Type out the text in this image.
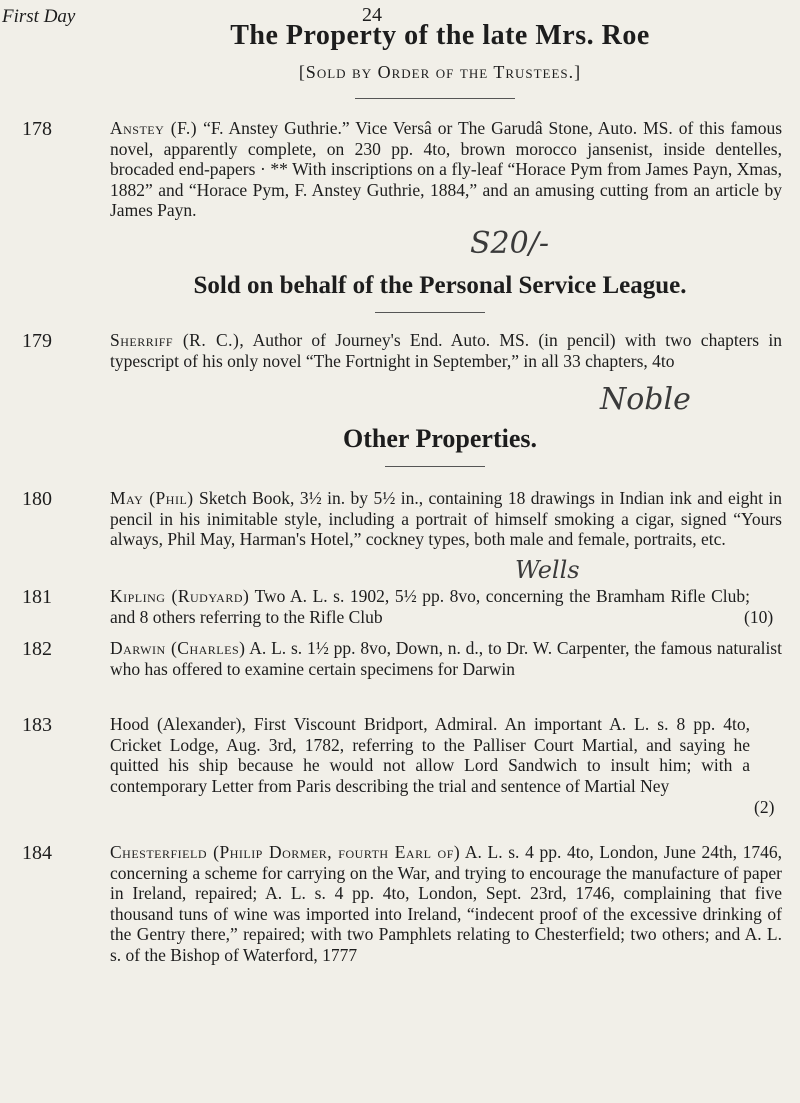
First Day	24
The Property of the late Mrs. Roe
[Sold by Order of the Trustees.]
178	Anstey (F.) “F. Anstey Guthrie.” Vice Versâ or The Garudâ Stone, Auto. MS. of this famous novel, apparently complete, on 230 pp. 4to, brown morocco jansenist, inside dentelles, brocaded end-papers · ** With inscriptions on a fly-leaf “Horace Pym from James Payn, Xmas, 1882” and “Horace Pym, F. Anstey Guthrie, 1884,” and an amusing cutting from an article by James Payn.
S20/-
Sold on behalf of the Personal Service League.
179	Sherriff (R. C.), Author of Journey's End. Auto. MS. (in pencil) with two chapters in typescript of his only novel “The Fortnight in September,” in all 33 chapters, 4to
Noble
Other Properties.
180	May (Phil) Sketch Book, 3½ in. by 5½ in., containing 18 drawings in Indian ink and eight in pencil in his inimitable style, including a portrait of himself smoking a cigar, signed “Yours always, Phil May, Harman's Hotel,” cockney types, both male and female, portraits, etc.
Wells
181	Kipling (Rudyard) Two A. L. s. 1902, 5½ pp. 8vo, concerning the Bramham Rifle Club; and 8 others referring to the Rifle Club	(10)
182	Darwin (Charles) A. L. s. 1½ pp. 8vo, Down, n. d., to Dr. W. Carpenter, the famous naturalist who has offered to examine certain specimens for Darwin
183	Hood (Alexander), First Viscount Bridport, Admiral. An important A. L. s. 8 pp. 4to, Cricket Lodge, Aug. 3rd, 1782, referring to the Palliser Court Martial, and saying he quitted his ship because he would not allow Lord Sandwich to insult him; with a contemporary Letter from Paris describing the trial and sentence of Martial Ney
(2)
184	Chesterfield (Philip Dormer, fourth Earl of) A. L. s. 4 pp. 4to, London, June 24th, 1746, concerning a scheme for carrying on the War, and trying to encourage the manufacture of paper in Ireland, repaired; A. L. s. 4 pp. 4to, London, Sept. 23rd, 1746, complaining that five thousand tuns of wine was imported into Ireland, “indecent proof of the excessive drinking of the Gentry there,” repaired; with two Pamphlets relating to Chesterfield; two others; and A. L. s. of the Bishop of Waterford, 1777
